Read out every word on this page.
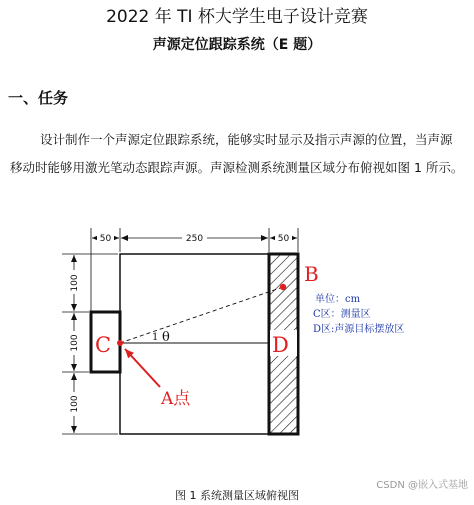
2022 年 TI 杯大学生电子设计竞赛
声源定位跟踪系统（E 题）
一、任务
设计制作一个声源定位跟踪系统，能够实时显示及指示声源的位置，当声源
移动时能够用激光笔动态跟踪声源。声源检测系统测量区域分布俯视如图 1 所示。
50	250	50
100
100
100
1 θ
B
C	D
A点
单位：cm
C区：测量区
D区:声源目标摆放区
CSDN @嵌入式基地
图 1 系统测量区域俯视图
